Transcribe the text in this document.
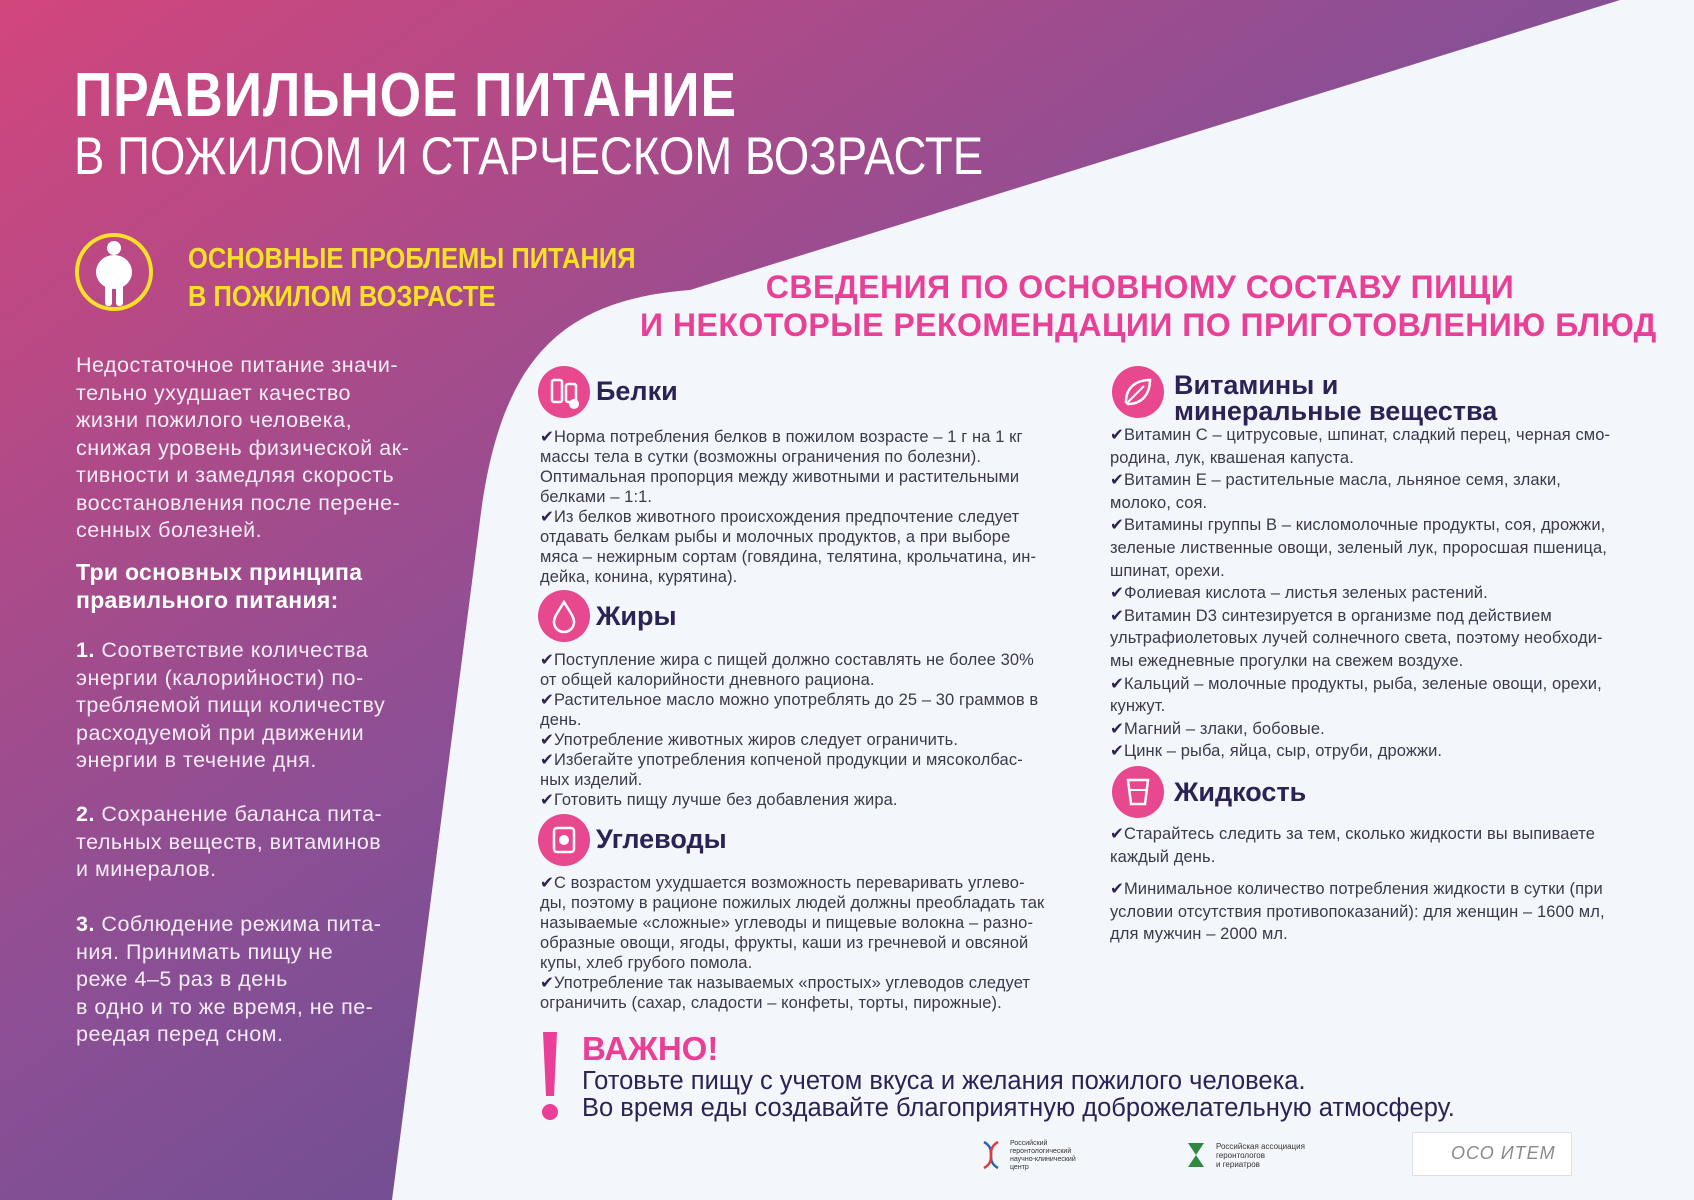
ПРАВИЛЬНОЕ ПИТАНИЕ
В ПОЖИЛОМ И СТАРЧЕСКОМ ВОЗРАСТЕ
ОСНОВНЫЕ ПРОБЛЕМЫ ПИТАНИЯ
В ПОЖИЛОМ ВОЗРАСТЕ
Недостаточное питание значи-
тельно ухудшает качество
жизни пожилого человека,
снижая уровень физической ак-
тивности и замедляя скорость
восстановления после перене-
сенных болезней.
Три основных принципа
правильного питания:
1. Соответствие количества
энергии (калорийности) по-
требляемой пищи количеству
расходуемой при движении
энергии в течение дня.
2. Сохранение баланса пита-
тельных веществ, витаминов
и минералов.
3. Соблюдение режима пита-
ния. Принимать пищу не
реже 4–5 раз в день
в одно и то же время, не пе-
реедая перед сном.
СВЕДЕНИЯ ПО ОСНОВНОМУ СОСТАВУ ПИЩИ
И НЕКОТОРЫЕ РЕКОМЕНДАЦИИ ПО ПРИГОТОВЛЕНИЮ БЛЮД
Белки
✔Норма потребления белков в пожилом возрасте – 1 г на 1 кг
массы тела в сутки (возможны ограничения по болезни).
Оптимальная пропорция между животными и растительными
белками – 1:1.
✔Из белков животного происхождения предпочтение следует
отдавать белкам рыбы и молочных продуктов, а при выборе
мяса – нежирным сортам (говядина, телятина, крольчатина, ин-
дейка, конина, курятина).
Жиры
✔Поступление жира с пищей должно составлять не более 30%
от общей калорийности дневного рациона.
✔Растительное масло можно употреблять до 25 – 30 граммов в
день.
✔Употребление животных жиров следует ограничить.
✔Избегайте употребления копченой продукции и мясоколбас-
ных изделий.
✔Готовить пищу лучше без добавления жира.
Углеводы
✔С возрастом ухудшается возможность переваривать углево-
ды, поэтому в рационе пожилых людей должны преобладать так
называемые «сложные» углеводы и пищевые волокна – разно-
образные овощи, ягоды, фрукты, каши из гречневой и овсяной
купы, хлеб грубого помола.
✔Употребление так называемых «простых» углеводов следует
ограничить (сахар, сладости – конфеты, торты, пирожные).
Витамины и
минеральные вещества
✔Витамин С – цитрусовые, шпинат, сладкий перец, черная смо-
родина, лук, квашеная капуста.
✔Витамин Е – растительные масла, льняное семя, злаки,
молоко, соя.
✔Витамины группы В – кисломолочные продукты, соя, дрожжи,
зеленые лиственные овощи, зеленый лук, проросшая пшеница,
шпинат, орехи.
✔Фолиевая кислота – листья зеленых растений.
✔Витамин D3 синтезируется в организме под действием
ультрафиолетовых лучей солнечного света, поэтому необходи-
мы ежедневные прогулки на свежем воздухе.
✔Кальций – молочные продукты, рыба, зеленые овощи, орехи,
кунжут.
✔Магний – злаки, бобовые.
✔Цинк – рыба, яйца, сыр, отруби, дрожжи.
Жидкость
✔Старайтесь следить за тем, сколько жидкости вы выпиваете
каждый день.
✔Минимальное количество потребления жидкости в сутки (при
условии отсутствия противопоказаний): для женщин – 1600 мл,
для мужчин – 2000 мл.
ВАЖНО!
Готовьте пищу с учетом вкуса и желания пожилого человека.
Во время еды создавайте благоприятную доброжелательную атмосферу.
Российский
геронтологический
научно-клинический
центр
Российская ассоциация
геронтологов
и гериатров
ОСО ИТЕМ
